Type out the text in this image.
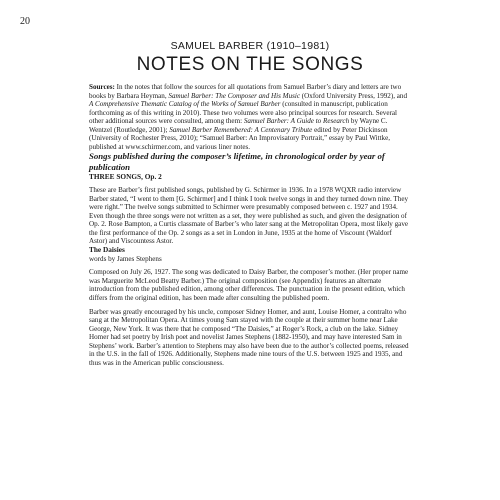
20
SAMUEL BARBER (1910–1981)
NOTES ON THE SONGS

Sources: In the notes that follow the sources for all quotations from Samuel Barber’s diary and letters are two books by Barbara Heyman, Samuel Barber: The Composer and His Music (Oxford University Press, 1992), and A Comprehensive Thematic Catalog of the Works of Samuel Barber (consulted in manuscript, publication forthcoming as of this writing in 2010). These two volumes were also principal sources for research. Several other additional sources were consulted, among them: Samuel Barber: A Guide to Research by Wayne C. Wentzel (Routledge, 2001); Samuel Barber Remembered: A Centenary Tribute edited by Peter Dickinson (University of Rochester Press, 2010); “Samuel Barber: An Improvisatory Portrait,” essay by Paul Wittke, published at www.schirmer.com, and various liner notes.

Songs published during the composer’s lifetime, in chronological order by year of publication

THREE SONGS, Op. 2

These are Barber’s first published songs, published by G. Schirmer in 1936. In a 1978 WQXR radio interview Barber stated, “I went to them [G. Schirmer] and I think I took twelve songs in and they turned down nine. They were right.” The twelve songs submitted to Schirmer were presumably composed between c. 1927 and 1934. Even though the three songs were not written as a set, they were published as such, and given the designation of Op. 2. Rose Bampton, a Curtis classmate of Barber’s who later sang at the Metropolitan Opera, most likely gave the first performance of the Op. 2 songs as a set in London in June, 1935 at the home of Viscount (Waldorf Astor) and Viscountess Astor.

The Daisies

words by James Stephens

Composed on July 26, 1927. The song was dedicated to Daisy Barber, the composer’s mother. (Her proper name was Marguerite McLeod Beatty Barber.) The original composition (see Appendix) features an alternate introduction from the published edition, among other differences. The punctuation in the present edition, which differs from the original edition, has been made after consulting the published poem.

Barber was greatly encouraged by his uncle, composer Sidney Homer, and aunt, Louise Homer, a contralto who sang at the Metropolitan Opera. At times young Sam stayed with the couple at their summer home near Lake George, New York. It was there that he composed “The Daisies,” at Roger’s Rock, a club on the lake. Sidney Homer had set poetry by Irish poet and novelist James Stephens (1882-1950), and may have interested Sam in Stephens’ work. Barber’s attention to Stephens may also have been due to the author’s collected poems, released in the U.S. in the fall of 1926. Additionally, Stephens made nine tours of the U.S. between 1925 and 1935, and thus was in the American public consciousness.
